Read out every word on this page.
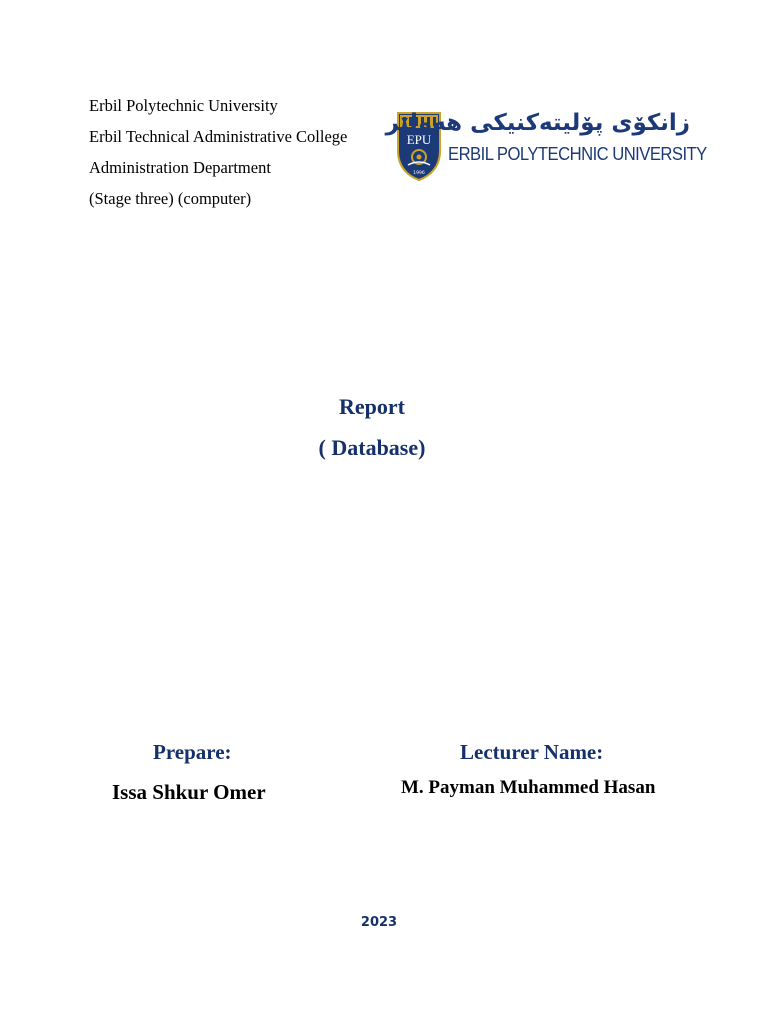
Erbil Polytechnic University
Erbil Technical Administrative College
Administration Department
(Stage three) (computer)
EPU
1996
زانكۆى پۆليتەكنيكى هەولێر
ERBIL POLYTECHNIC UNIVERSITY
Report
( Database)
Prepare:	Lecturer Name:
Issa Shkur Omer	M. Payman Muhammed Hasan
2023
